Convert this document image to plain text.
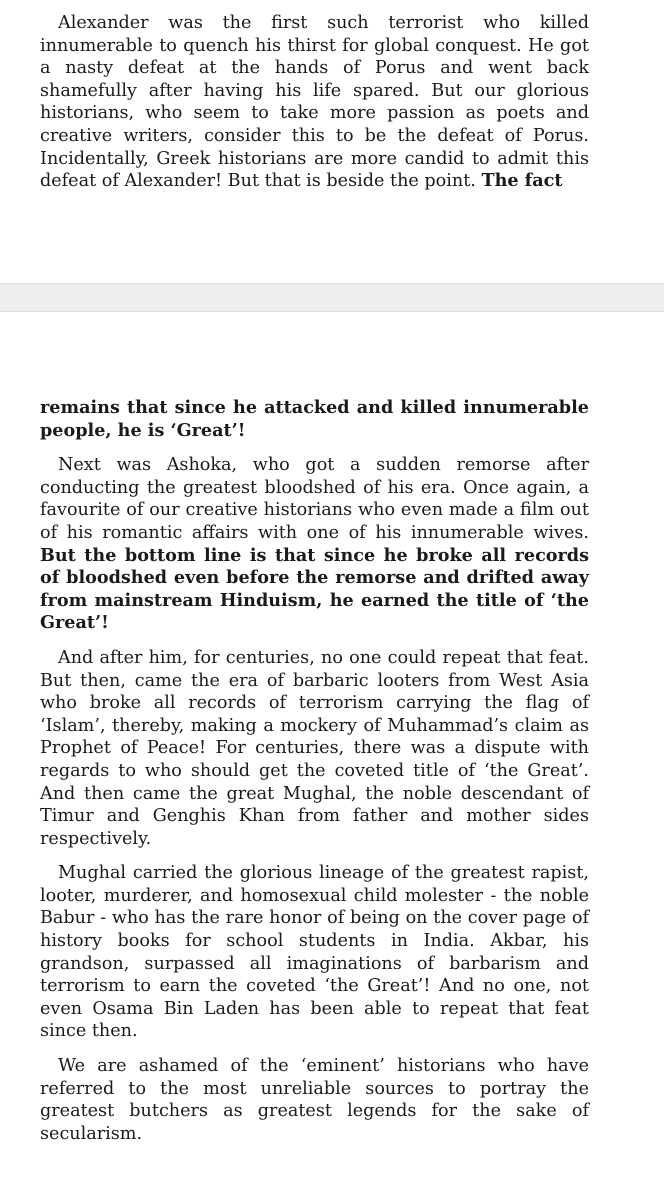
Alexander was the first such terrorist who killed innumerable to quench his thirst for global conquest. He got a nasty defeat at the hands of Porus and went back shamefully after having his life spared. But our glorious historians, who seem to take more passion as poets and creative writers, consider this to be the defeat of Porus. Incidentally, Greek historians are more candid to admit this defeat of Alexander! But that is beside the point. The fact

remains that since he attacked and killed innumerable people, he is ‘Great’!

Next was Ashoka, who got a sudden remorse after conducting the greatest bloodshed of his era. Once again, a favourite of our creative historians who even made a film out of his romantic affairs with one of his innumerable wives. But the bottom line is that since he broke all records of bloodshed even before the remorse and drifted away from mainstream Hinduism, he earned the title of ‘the Great’!

And after him, for centuries, no one could repeat that feat. But then, came the era of barbaric looters from West Asia who broke all records of terrorism carrying the flag of ‘Islam’, thereby, making a mockery of Muhammad’s claim as Prophet of Peace! For centuries, there was a dispute with regards to who should get the coveted title of ‘the Great’. And then came the great Mughal, the noble descendant of Timur and Genghis Khan from father and mother sides respectively.

Mughal carried the glorious lineage of the greatest rapist, looter, murderer, and homosexual child molester - the noble Babur - who has the rare honor of being on the cover page of history books for school students in India. Akbar, his grandson, surpassed all imaginations of barbarism and terrorism to earn the coveted ‘the Great’! And no one, not even Osama Bin Laden has been able to repeat that feat since then.

We are ashamed of the ‘eminent’ historians who have referred to the most unreliable sources to portray the greatest butchers as greatest legends for the sake of secularism.
